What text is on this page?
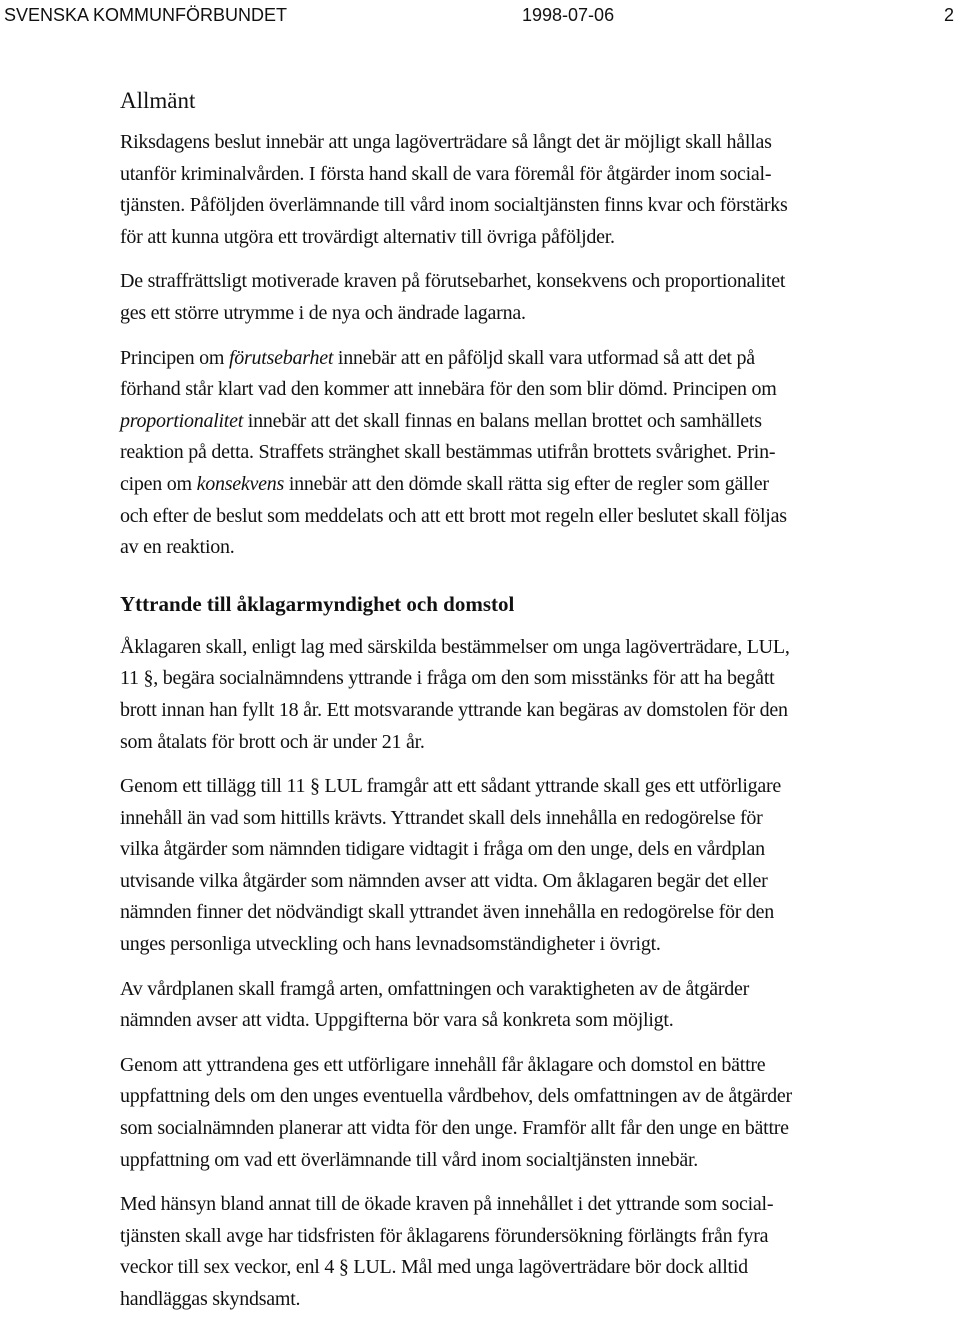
SVENSKA KOMMUNFÖRBUNDET	1998-07-06	2
Allmänt

Riksdagens beslut innebär att unga lagöverträdare så långt det är möjligt skall hållas
utanför kriminalvården. I första hand skall de vara föremål för åtgärder inom social-
tjänsten. Påföljden överlämnande till vård inom socialtjänsten finns kvar och förstärks
för att kunna utgöra ett trovärdigt alternativ till övriga påföljder.

De straffrättsligt motiverade kraven på förutsebarhet, konsekvens och proportionalitet
ges ett större utrymme i de nya och ändrade lagarna.

Principen om förutsebarhet innebär att en påföljd skall vara utformad så att det på
förhand står klart vad den kommer att innebära för den som blir dömd. Principen om
proportionalitet innebär att det skall finnas en balans mellan brottet och samhällets
reaktion på detta. Straffets stränghet skall bestämmas utifrån brottets svårighet. Prin-
cipen om konsekvens innebär att den dömde skall rätta sig efter de regler som gäller
och efter de beslut som meddelats och att ett brott mot regeln eller beslutet skall följas
av en reaktion.

Yttrande till åklagarmyndighet och domstol

Åklagaren skall, enligt lag med särskilda bestämmelser om unga lagöverträdare, LUL,
11 §, begära socialnämndens yttrande i fråga om den som misstänks för att ha begått
brott innan han fyllt 18 år. Ett motsvarande yttrande kan begäras av domstolen för den
som åtalats för brott och är under 21 år.

Genom ett tillägg till 11 § LUL framgår att ett sådant yttrande skall ges ett utförligare
innehåll än vad som hittills krävts. Yttrandet skall dels innehålla en redogörelse för
vilka åtgärder som nämnden tidigare vidtagit i fråga om den unge, dels en vårdplan
utvisande vilka åtgärder som nämnden avser att vidta. Om åklagaren begär det eller
nämnden finner det nödvändigt skall yttrandet även innehålla en redogörelse för den
unges personliga utveckling och hans levnadsomständigheter i övrigt.

Av vårdplanen skall framgå arten, omfattningen och varaktigheten av de åtgärder
nämnden avser att vidta. Uppgifterna bör vara så konkreta som möjligt.

Genom att yttrandena ges ett utförligare innehåll får åklagare och domstol en bättre
uppfattning dels om den unges eventuella vårdbehov, dels omfattningen av de åtgärder
som socialnämnden planerar att vidta för den unge. Framför allt får den unge en bättre
uppfattning om vad ett överlämnande till vård inom socialtjänsten innebär.

Med hänsyn bland annat till de ökade kraven på innehållet i det yttrande som social-
tjänsten skall avge har tidsfristen för åklagarens förundersökning förlängts från fyra
veckor till sex veckor, enl 4 § LUL. Mål med unga lagöverträdare bör dock alltid
handläggas skyndsamt.
